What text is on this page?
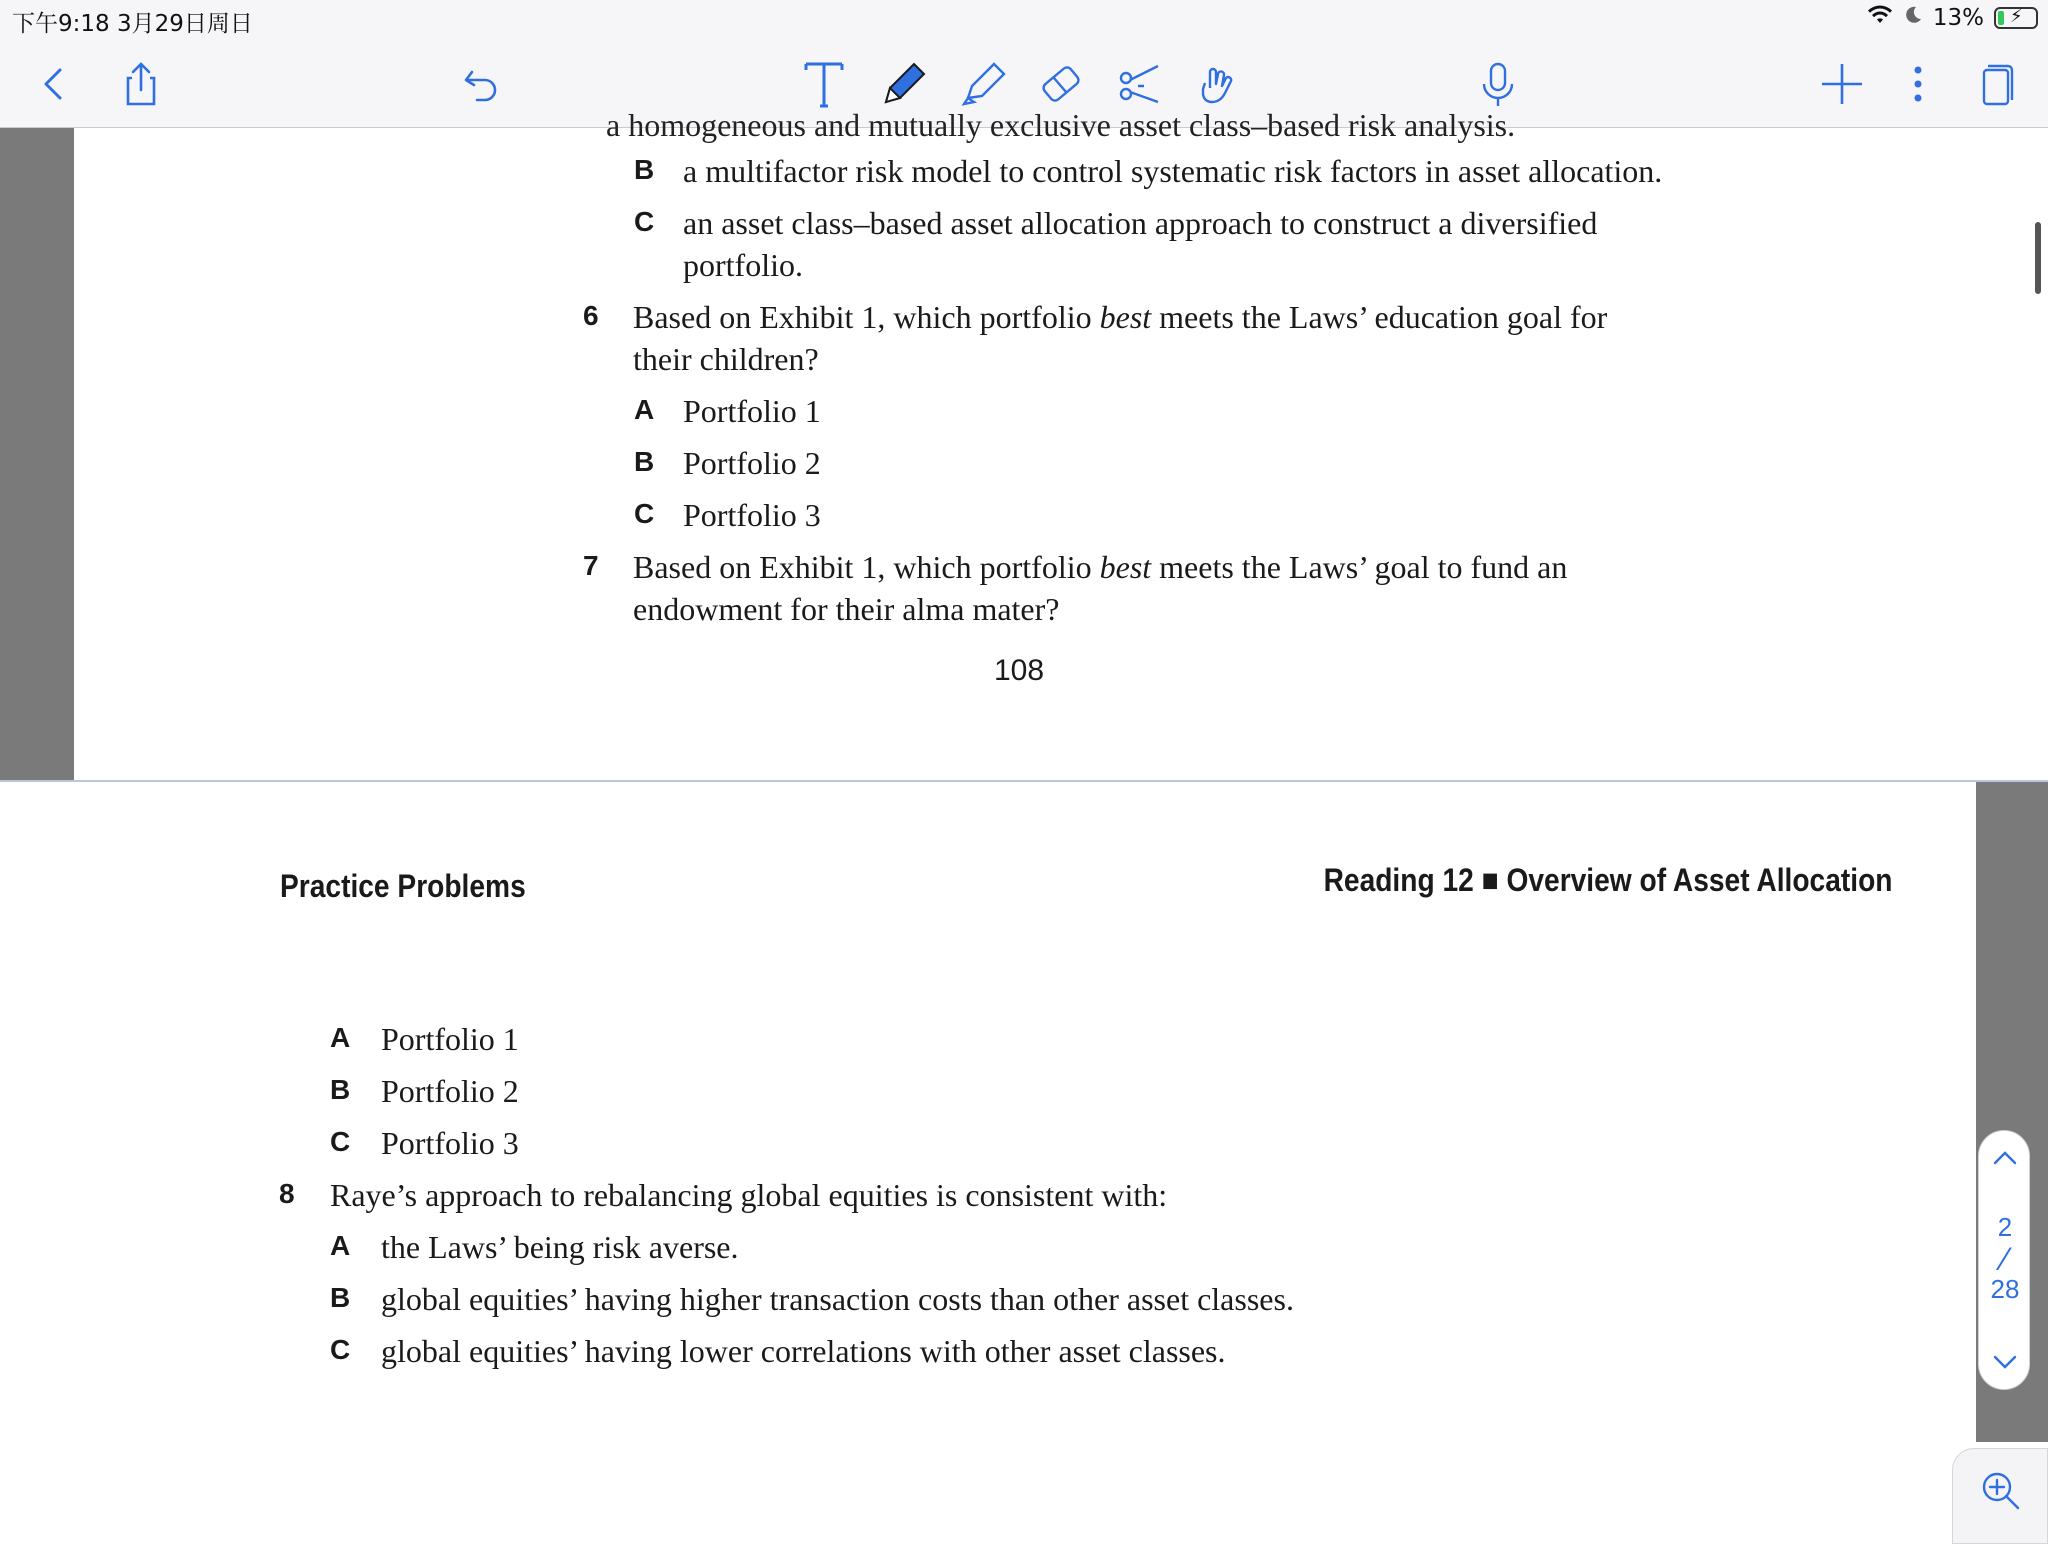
下午9:18 3月29日周日	13% ⚡
a homogeneous and mutually exclusive asset class–based risk analysis.
B a multifactor risk model to control systematic risk factors in asset allocation.
C an asset class–based asset allocation approach to construct a diversified
portfolio.
6 Based on Exhibit 1, which portfolio best meets the Laws’ education goal for
their children?
A Portfolio 1
B Portfolio 2
C Portfolio 3
7 Based on Exhibit 1, which portfolio best meets the Laws’ goal to fund an
endowment for their alma mater?
108
Practice Problems	Reading 12 ■ Overview of Asset Allocation
A Portfolio 1
B Portfolio 2
C Portfolio 3
8 Raye’s approach to rebalancing global equities is consistent with:
A the Laws’ being risk averse.
B global equities’ having higher transaction costs than other asset classes.
C global equities’ having lower correlations with other asset classes.
2
⁄
28
